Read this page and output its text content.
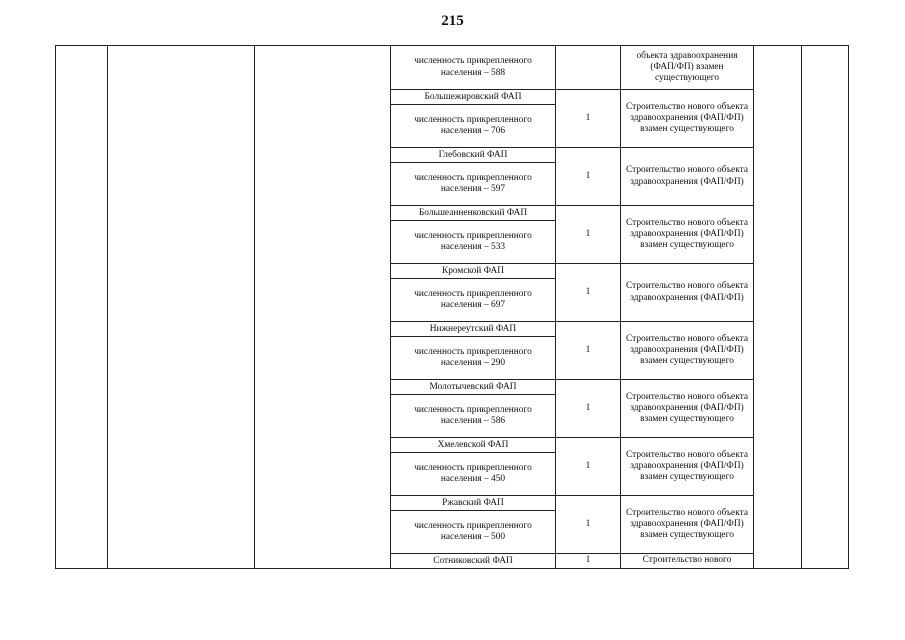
215
			численность прикрепленного населения – 588		объекта здравоохранения (ФАП/ФП) взамен существующего		
			Большежировский ФАП	1	Строительство нового объекта здравоохранения (ФАП/ФП) взамен существующего		
			численность прикрепленного населения – 706				
			Глебовский ФАП	1	Строительство нового объекта здравоохранения (ФАП/ФП)		
			численность прикрепленного населения – 597				
			Большеанненковский ФАП	1	Строительство нового объекта здравоохранения (ФАП/ФП) взамен существующего		
			численность прикрепленного населения – 533				
			Кромской ФАП	1	Строительство нового объекта здравоохранения (ФАП/ФП)		
			численность прикрепленного населения – 697				
			Нижнереутский ФАП	1	Строительство нового объекта здравоохранения (ФАП/ФП) взамен существующего		
			численность прикрепленного населения – 290				
			Молотычевский ФАП	1	Строительство нового объекта здравоохранения (ФАП/ФП) взамен существующего		
			численность прикрепленного населения – 586				
			Хмелевской ФАП	1	Строительство нового объекта здравоохранения (ФАП/ФП) взамен существующего		
			численность прикрепленного населения – 450				
			Ржавский ФАП	1	Строительство нового объекта здравоохранения (ФАП/ФП) взамен существующего		
			численность прикрепленного населения – 500				
			Сотниковский ФАП	1	Строительство нового		
